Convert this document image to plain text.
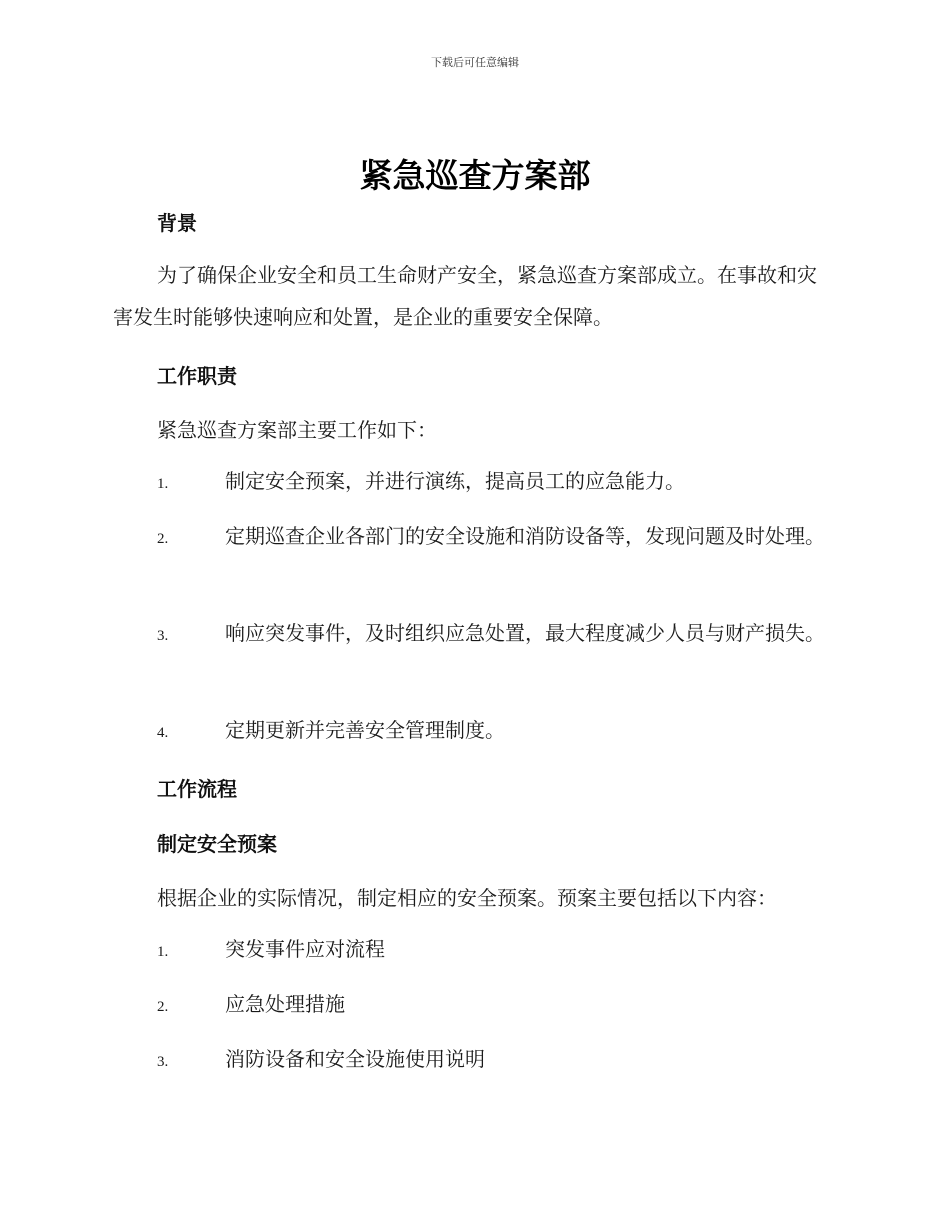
下载后可任意编辑
紧急巡查方案部
背景

为了确保企业安全和员工生命财产安全，紧急巡查方案部成立。在事故和灾害发生时能够快速响应和处置，是企业的重要安全保障。

工作职责

紧急巡查方案部主要工作如下：

1.	制定安全预案，并进行演练，提高员工的应急能力。

2.	定期巡查企业各部门的安全设施和消防设备等，发现问题及时处理。

3.	响应突发事件，及时组织应急处置，最大程度减少人员与财产损失。

4.	定期更新并完善安全管理制度。

工作流程
制定安全预案

根据企业的实际情况，制定相应的安全预案。预案主要包括以下内容：

1.	突发事件应对流程

2.	应急处理措施

3.	消防设备和安全设施使用说明
